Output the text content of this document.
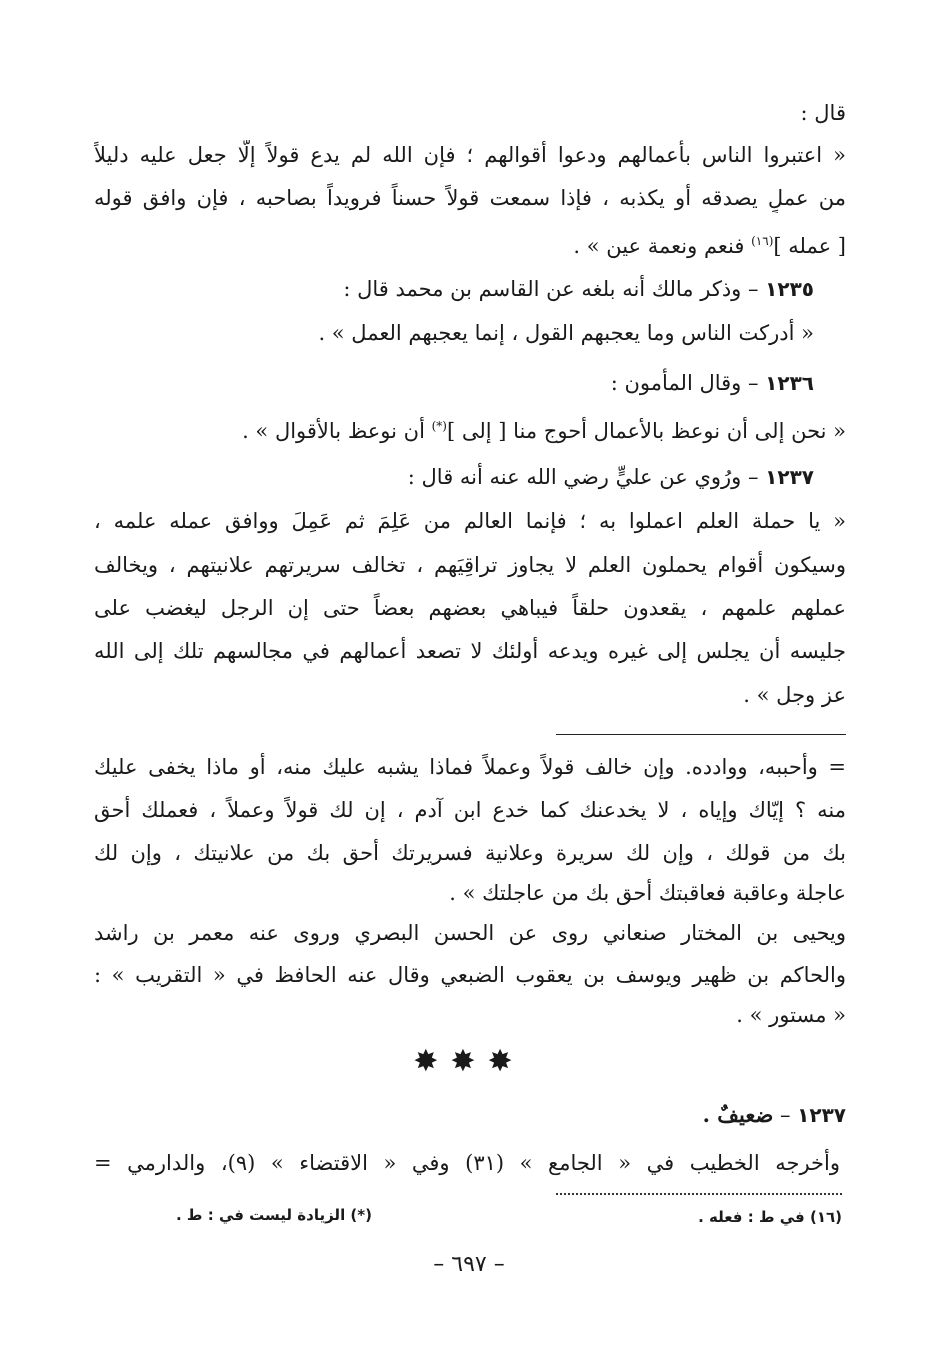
قال :
« اعتبروا الناس بأعمالهم ودعوا أقوالهم ؛ فإن الله لم يدع قولاً إلّا جعل عليه دليلاً
من عملٍ يصدقه أو يكذبه ، فإذا سمعت قولاً حسناً فرويداً بصاحبه ، فإن وافق قوله
[ عمله ]$^{(١٦)}$ فنعم ونعمة عين » .
١٢٣٥ – وذكر مالك أنه بلغه عن القاسم بن محمد قال :
« أدركت الناس وما يعجبهم القول ، إنما يعجبهم العمل » .
١٢٣٦ – وقال المأمون :
« نحن إلى أن نوعظ بالأعمال أحوج منا [ إلى ](*) أن نوعظ بالأقوال » .
١٢٣٧ – ورُوي عن عليٍّ رضي الله عنه أنه قال :
« يا حملة العلم اعملوا به ؛ فإنما العالم من عَلِمَ ثم عَمِلَ ووافق عمله علمه ،
وسيكون أقوام يحملون العلم لا يجاوز تراقِيَهم ، تخالف سريرتهم علانيتهم ، ويخالف
عملهم علمهم ، يقعدون حلقاً فيباهي بعضهم بعضاً حتى إن الرجل ليغضب على
جليسه أن يجلس إلى غيره ويدعه أولئك لا تصعد أعمالهم في مجالسهم تلك إلى الله
عز وجل » .
= وأحببه، ووادده. وإن خالف قولاً وعملاً فماذا يشبه عليك منه، أو ماذا يخفى عليك
منه ؟ إيّاك وإياه ، لا يخدعنك كما خدع ابن آدم ، إن لك قولاً وعملاً ، فعملك أحق
بك من قولك ، وإن لك سريرة وعلانية فسريرتك أحق بك من علانيتك ، وإن لك
عاجلة وعاقبة فعاقبتك أحق بك من عاجلتك » .
ويحيى بن المختار صنعاني روى عن الحسن البصري وروى عنه معمر بن راشد
والحاكم بن ظهير ويوسف بن يعقوب الضبعي وقال عنه الحافظ في « التقريب » :
« مستور » .
✸✸✸
١٢٣٧ – ضعيفٌ .
وأخرجه الخطيب في « الجامع » (٣١) وفي « الاقتضاء » (٩)، والدارمي =
(١٦) في ط : فعله .
(*) الزيادة ليست في : ط .
– ٦٩٧ –
